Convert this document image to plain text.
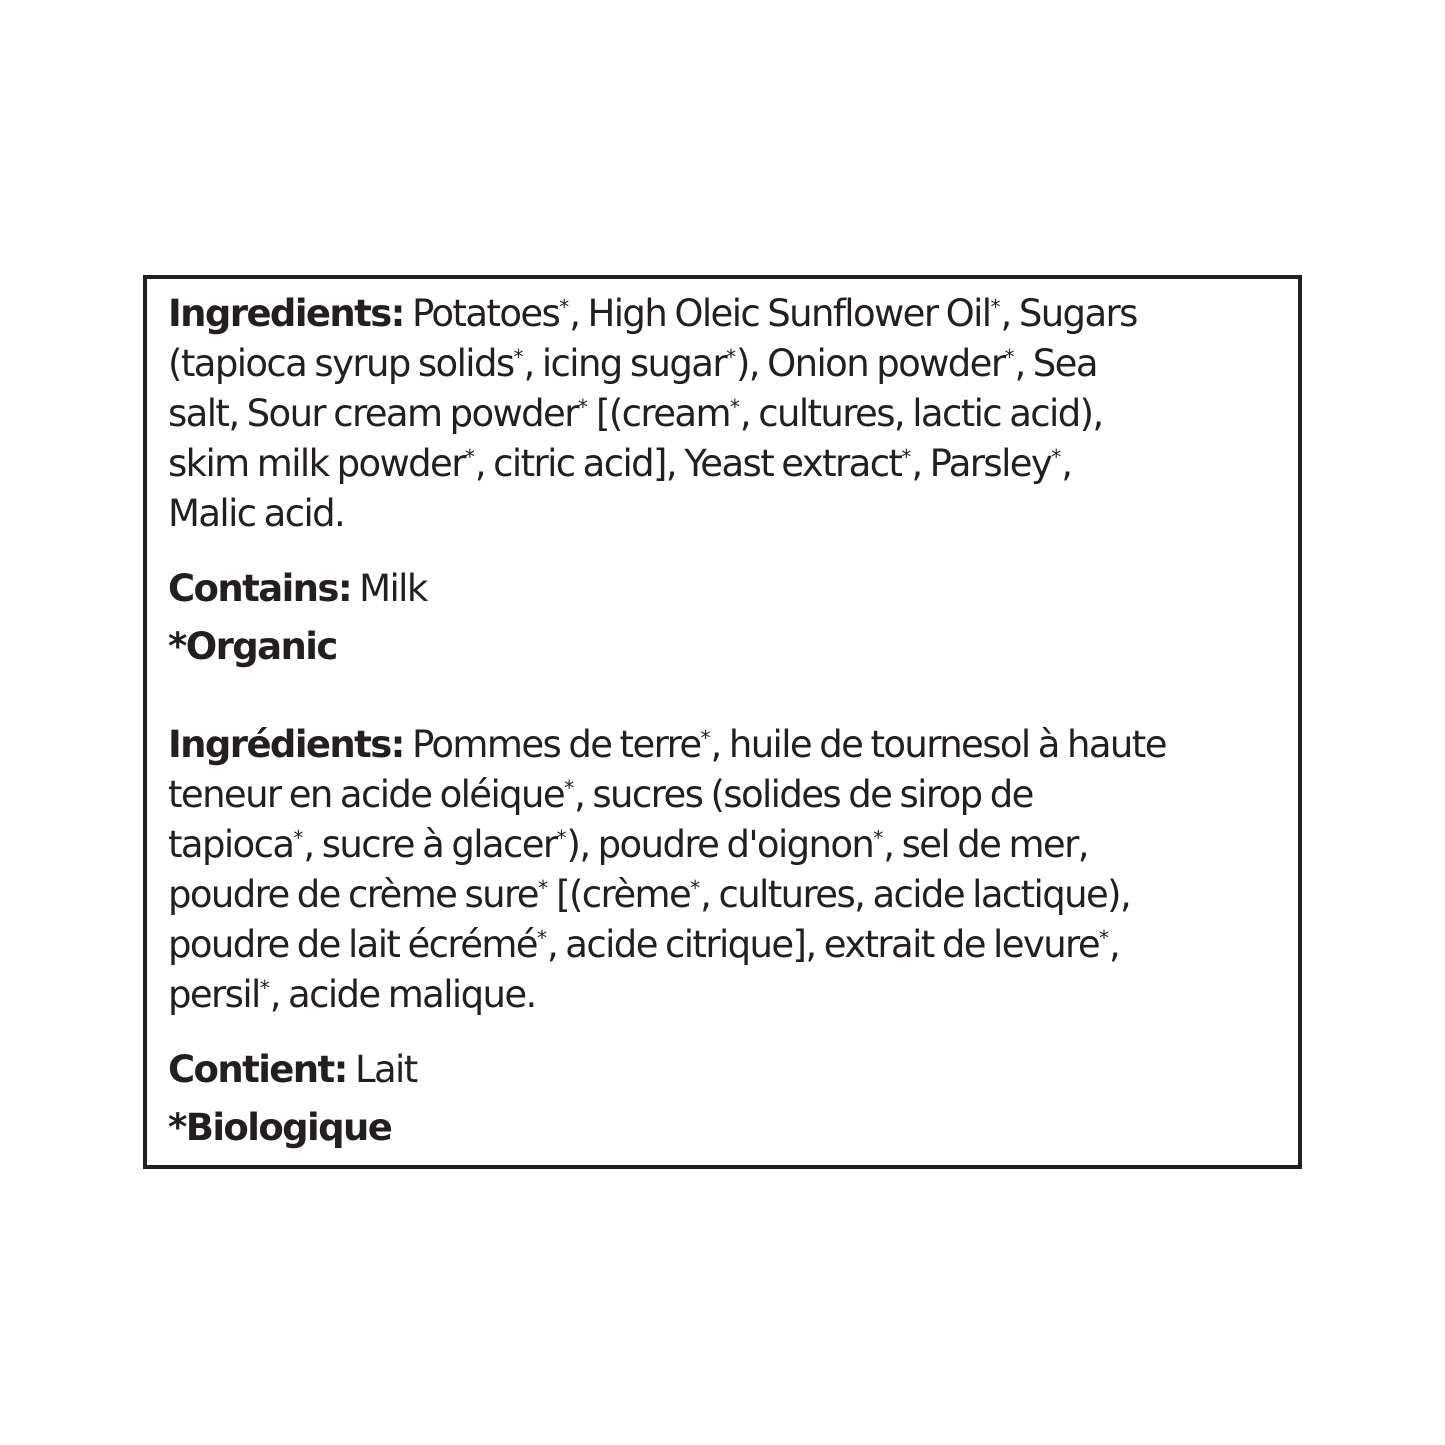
Ingredients: Potatoes*, High Oleic Sunflower Oil*, Sugars
(tapioca syrup solids*, icing sugar*), Onion powder*, Sea
salt, Sour cream powder* [(cream*, cultures, lactic acid),
skim milk powder*, citric acid], Yeast extract*, Parsley*,
Malic acid.
Contains: Milk
*Organic
Ingrédients: Pommes de terre*, huile de tournesol à haute
teneur en acide oléique*, sucres (solides de sirop de
tapioca*, sucre à glacer*), poudre d'oignon*, sel de mer,
poudre de crème sure* [(crème*, cultures, acide lactique),
poudre de lait écrémé*, acide citrique], extrait de levure*,
persil*, acide malique.
Contient: Lait
*Biologique
